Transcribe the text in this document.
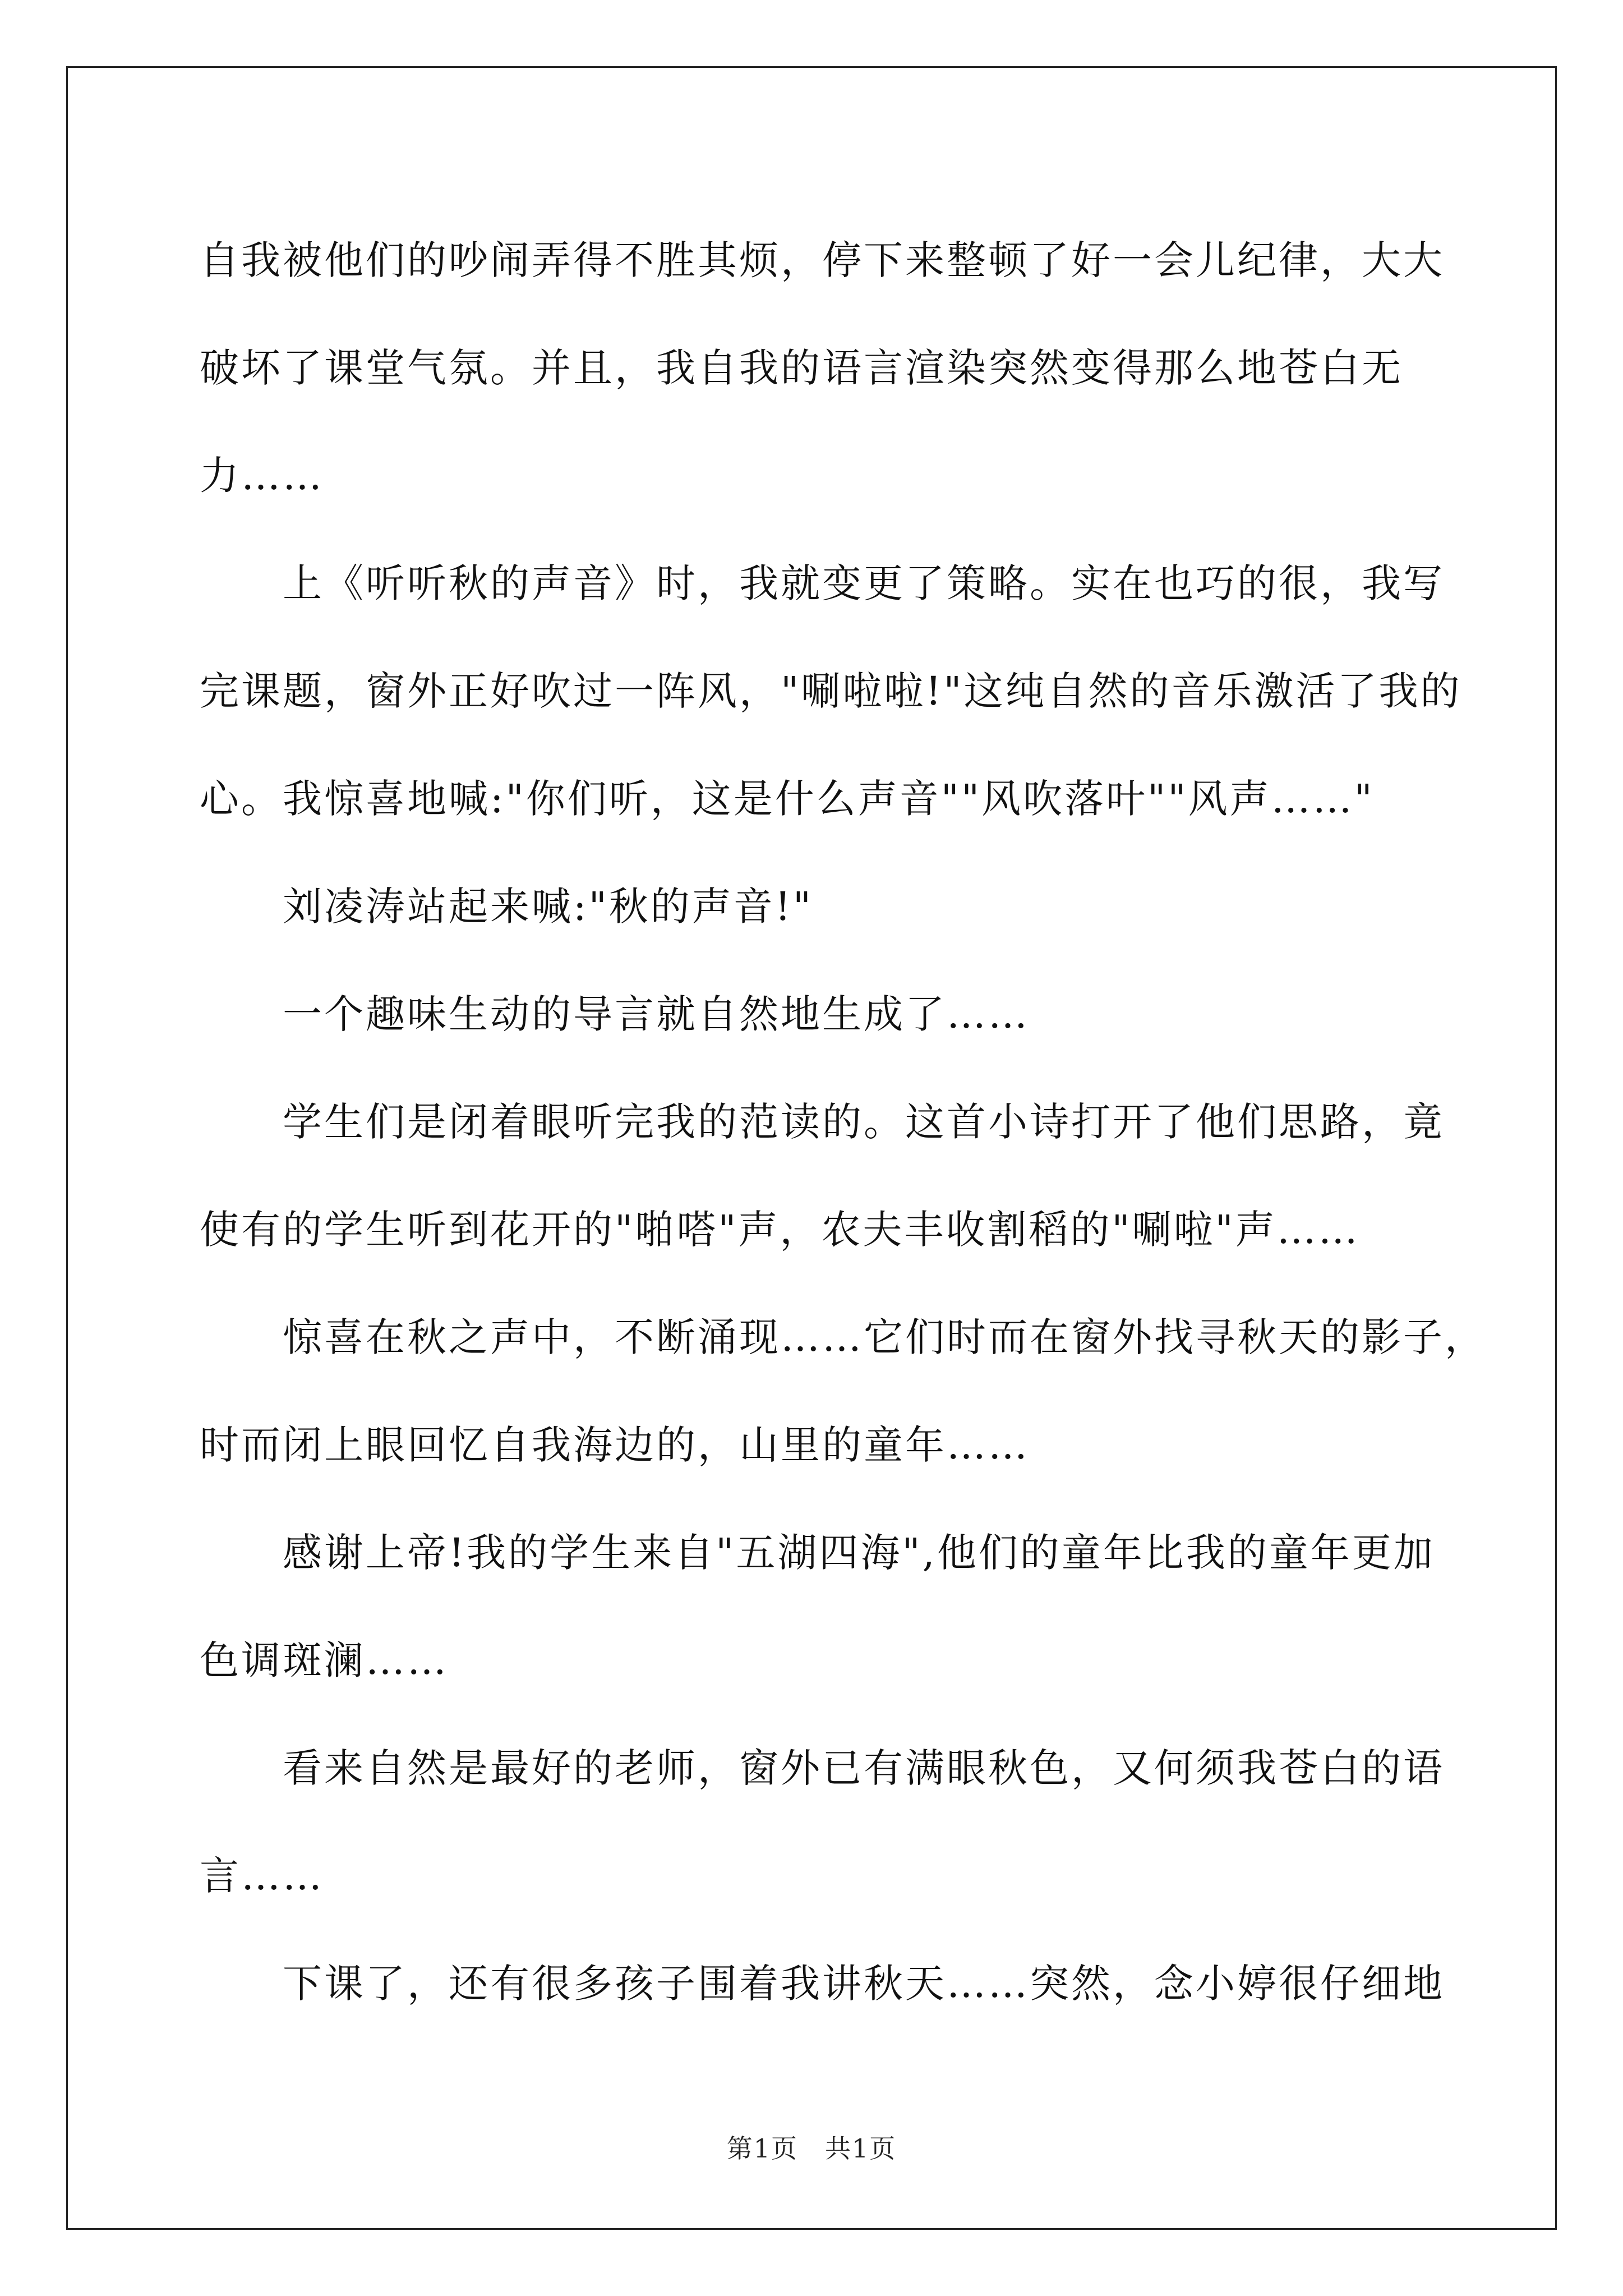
自我被他们的吵闹弄得不胜其烦，停下来整顿了好一会儿纪律，大大
破坏了课堂气氛。并且，我自我的语言渲染突然变得那么地苍白无
力……

上《听听秋的声音》时，我就变更了策略。实在也巧的很，我写
完课题，窗外正好吹过一阵风，"唰啦啦!"这纯自然的音乐激活了我的
心。我惊喜地喊:"你们听，这是什么声音""风吹落叶""风声……"

刘凌涛站起来喊:"秋的声音!"

一个趣味生动的导言就自然地生成了……

学生们是闭着眼听完我的范读的。这首小诗打开了他们思路，竟
使有的学生听到花开的"啪嗒"声，农夫丰收割稻的"唰啦"声……

惊喜在秋之声中，不断涌现……它们时而在窗外找寻秋天的影子，
时而闭上眼回忆自我海边的，山里的童年……

感谢上帝!我的学生来自"五湖四海",他们的童年比我的童年更加
色调斑澜……

看来自然是最好的老师，窗外已有满眼秋色，又何须我苍白的语
言……

下课了，还有很多孩子围着我讲秋天……突然，念小婷很仔细地

第1页 共1页
